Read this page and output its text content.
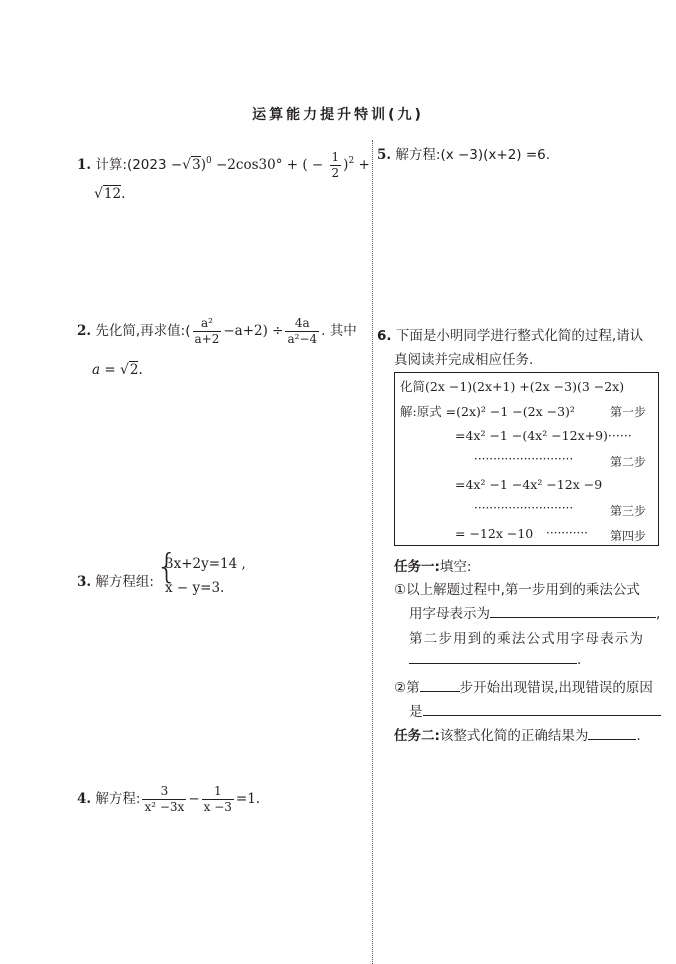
运算能力提升特训(九)
1. 计算:(2023 −√3)$^0$ −2cos30° + ( − $\frac{1}{2} )^2$ +
√12.
2. 先化简,再求值:( $\frac{\text{a²}}{a+2} -a+2) \div \frac{4a}{\text{a²−4}}$ . 其中
a = √2.
3. 解方程组: {
3x+2y=14 ,
x − y=3.
4. 解方程: $\frac{3}{\text{x² −3x}} - \frac{1}{x -3} =1$.
5. 解方程:(x −3)(x+2) =6.
6. 下面是小明同学进行整式化简的过程,请认
真阅读并完成相应任务.
化简(2x −1)(2x+1) +(2x −3)(3 −2x)
解:原式 =(2x)² −1 −(2x −3)²	第一步
=4x² −1 −(4x² −12x+9)······
··························	第二步
=4x² −1 −4x² −12x −9
··························	第三步
= −12x −10 ··········· 第四步
任务一:填空:
①以上解题过程中,第一步用到的乘法公式
用字母表示为	,
第二步用到的乘法公式用字母表示为
.
②第	步开始出现错误,出现错误的原因
是
任务二:该整式化简的正确结果为	.
